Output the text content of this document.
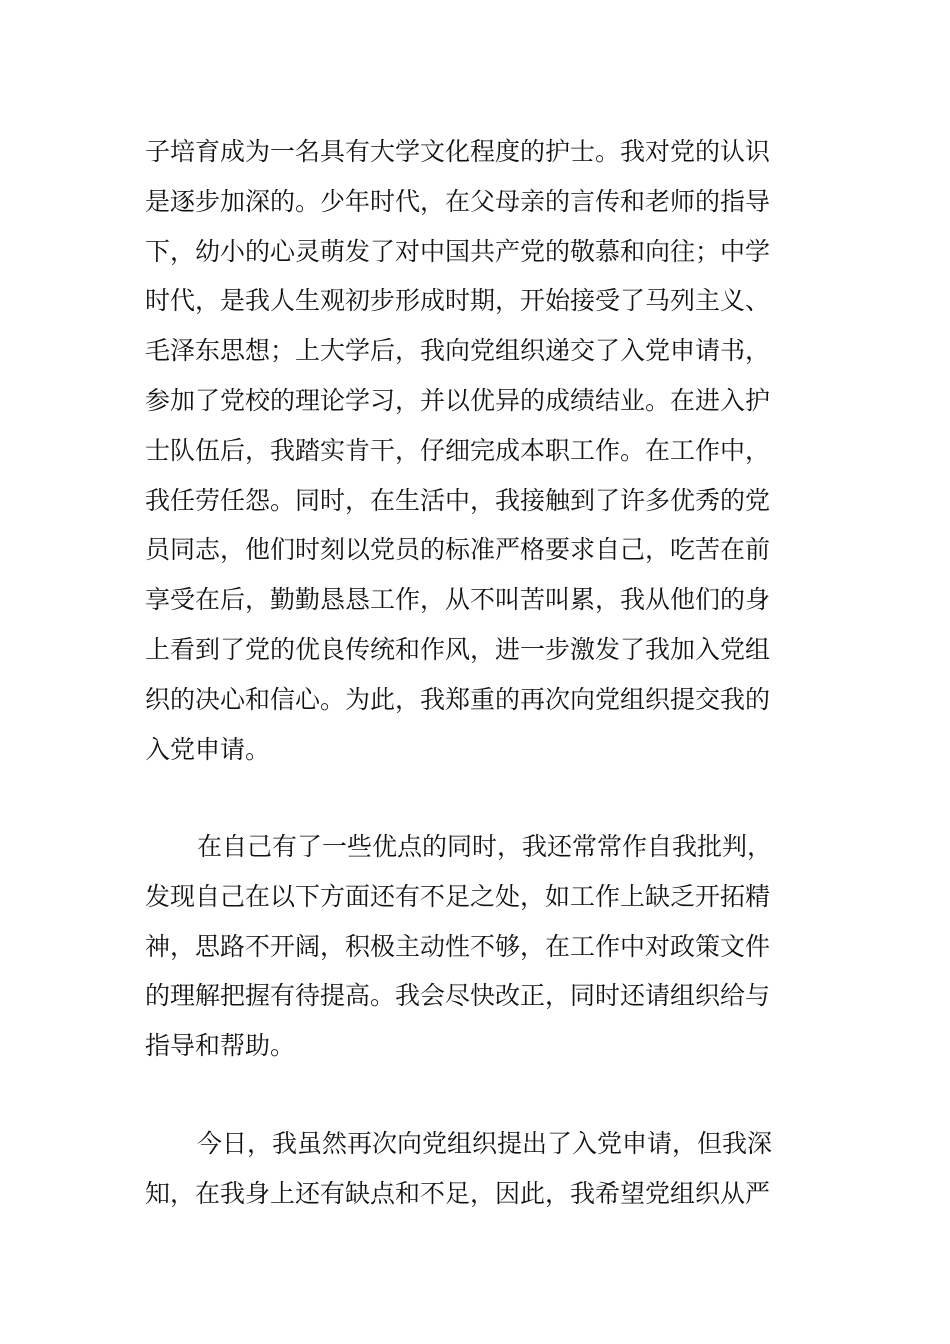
子培育成为一名具有大学文化程度的护士。我对党的认识
是逐步加深的。少年时代，在父母亲的言传和老师的指导
下，幼小的心灵萌发了对中国共产党的敬慕和向往；中学
时代，是我人生观初步形成时期，开始接受了马列主义、
毛泽东思想；上大学后，我向党组织递交了入党申请书，
参加了党校的理论学习，并以优异的成绩结业。在进入护
士队伍后，我踏实肯干，仔细完成本职工作。在工作中，
我任劳任怨。同时，在生活中，我接触到了许多优秀的党
员同志，他们时刻以党员的标准严格要求自己，吃苦在前
享受在后，勤勤恳恳工作，从不叫苦叫累，我从他们的身
上看到了党的优良传统和作风，进一步激发了我加入党组
织的决心和信心。为此，我郑重的再次向党组织提交我的
入党申请。
在自己有了一些优点的同时，我还常常作自我批判，
发现自己在以下方面还有不足之处，如工作上缺乏开拓精
神，思路不开阔，积极主动性不够，在工作中对政策文件
的理解把握有待提高。我会尽快改正，同时还请组织给与
指导和帮助。
今日，我虽然再次向党组织提出了入党申请，但我深
知，在我身上还有缺点和不足，因此，我希望党组织从严
